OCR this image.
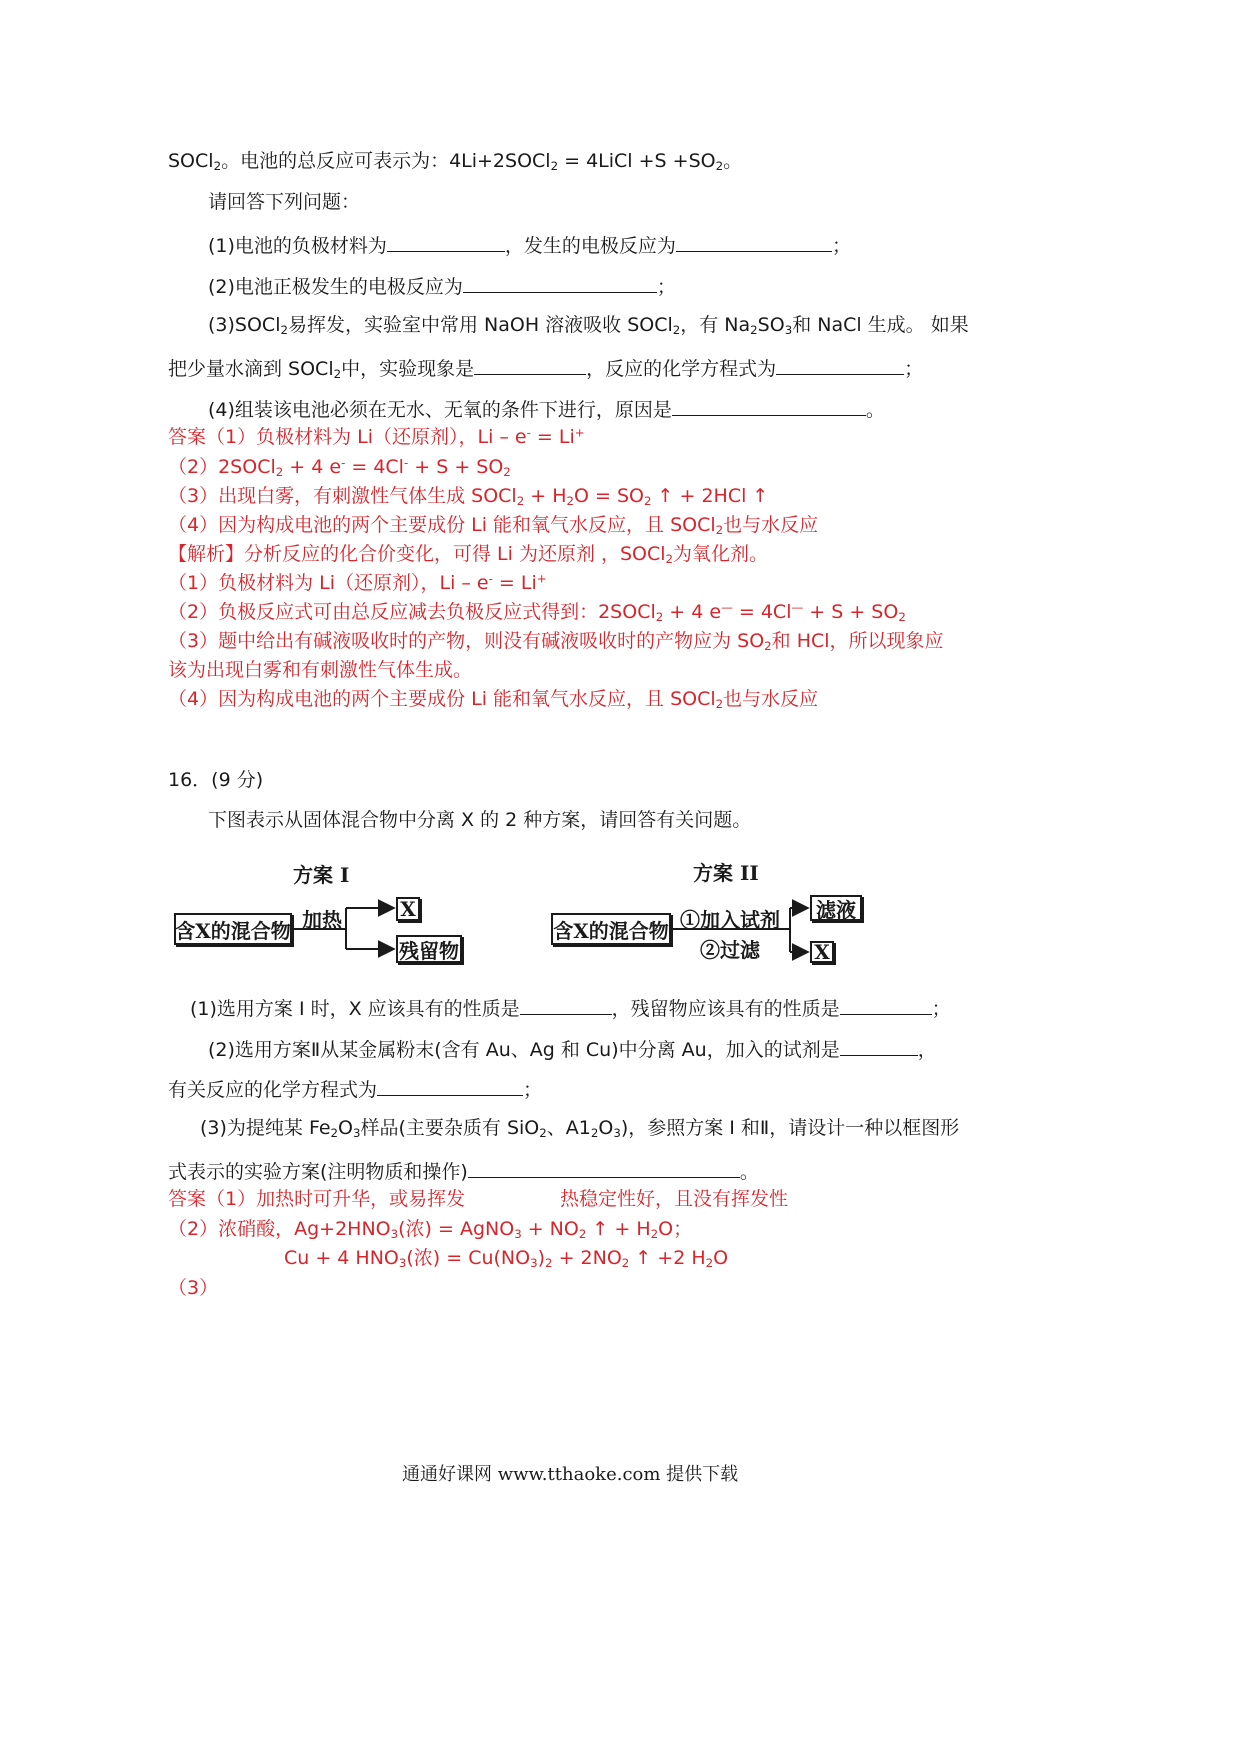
SOCl$_2$。电池的总反应可表示为：4Li+2SOCl$_2$ = 4LiCl $+S +SO_2$。
请回答下列问题：
(1)电池的负极材料为	，发生的电极反应为	；
(2)电池正极发生的电极反应为	；
(3)SOCl$_2$易挥发，实验室中常用 NaOH 溶液吸收 SOCl$_2$，有 $Na_2SO_3$和 NaCl 生成。 如果
把少量水滴到 SOCl$_2$中，实验现象是	，反应的化学方程式为	；
(4)组装该电池必须在无水、无氧的条件下进行，原因是	。
答案（1）负极材料为 Li（还原剂），Li – e- = Li+
（2）2SOCl$_2$ + 4 $e^- = 4Cl^- + S + SO_2$
（3）出现白雾，有刺激性气体生成 SOCl$_2$ + $H_2O = SO_2$ ↑ + 2HCl ↑
（4）因为构成电池的两个主要成份 Li 能和氧气水反应，且 SOCl$_2$也与水反应
【解析】分析反应的化合价变化，可得 Li 为还原剂 ，SOCl$_2$为氧化剂。
（1）负极材料为 Li（还原剂），Li – e- = Li+
（2）负极反应式可由总反应减去负极反应式得到：2SOCl$_2$ + 4 $e^— = 4Cl^— + S + SO_2$
（3）题中给出有碱液吸收时的产物，则没有碱液吸收时的产物应为 $SO_2$和 HCl，所以现象应
该为出现白雾和有刺激性气体生成。
（4）因为构成电池的两个主要成份 Li 能和氧气水反应，且 SOCl$_2$也与水反应
16．(9 分)
下图表示从固体混合物中分离 X 的 2 种方案，请回答有关问题。
方案 I
含X的混合物 加热	X
残留物
方案 II
含X的混合物 ①加入试剂
②过滤
滤液
X
(1)选用方案 I 时，X 应该具有的性质是	，残留物应该具有的性质是	；
(2)选用方案Ⅱ从某金属粉末(含有 Au、Ag 和 Cu)中分离 Au，加入的试剂是	，
有关反应的化学方程式为	；
(3)为提纯某 $Fe_2O_3$样品(主要杂质有 SiO$_2$、$A1_2O_3$)，参照方案 I 和Ⅱ，请设计一种以框图形
式表示的实验方案(注明物质和操作)	。
答案（1）加热时可升华，或易挥发	热稳定性好，且没有挥发性
（2）浓硝酸，$Ag+2HNO_3$(浓) = AgNO$_3$ + $NO_2$ ↑ + $H_2O$；
Cu + 4 $HNO_3$(浓) = $Cu(NO_3)_2 + 2NO_2$ ↑ +2 $H_2O$
（3）
通通好课网 www.tthaoke.com 提供下载
